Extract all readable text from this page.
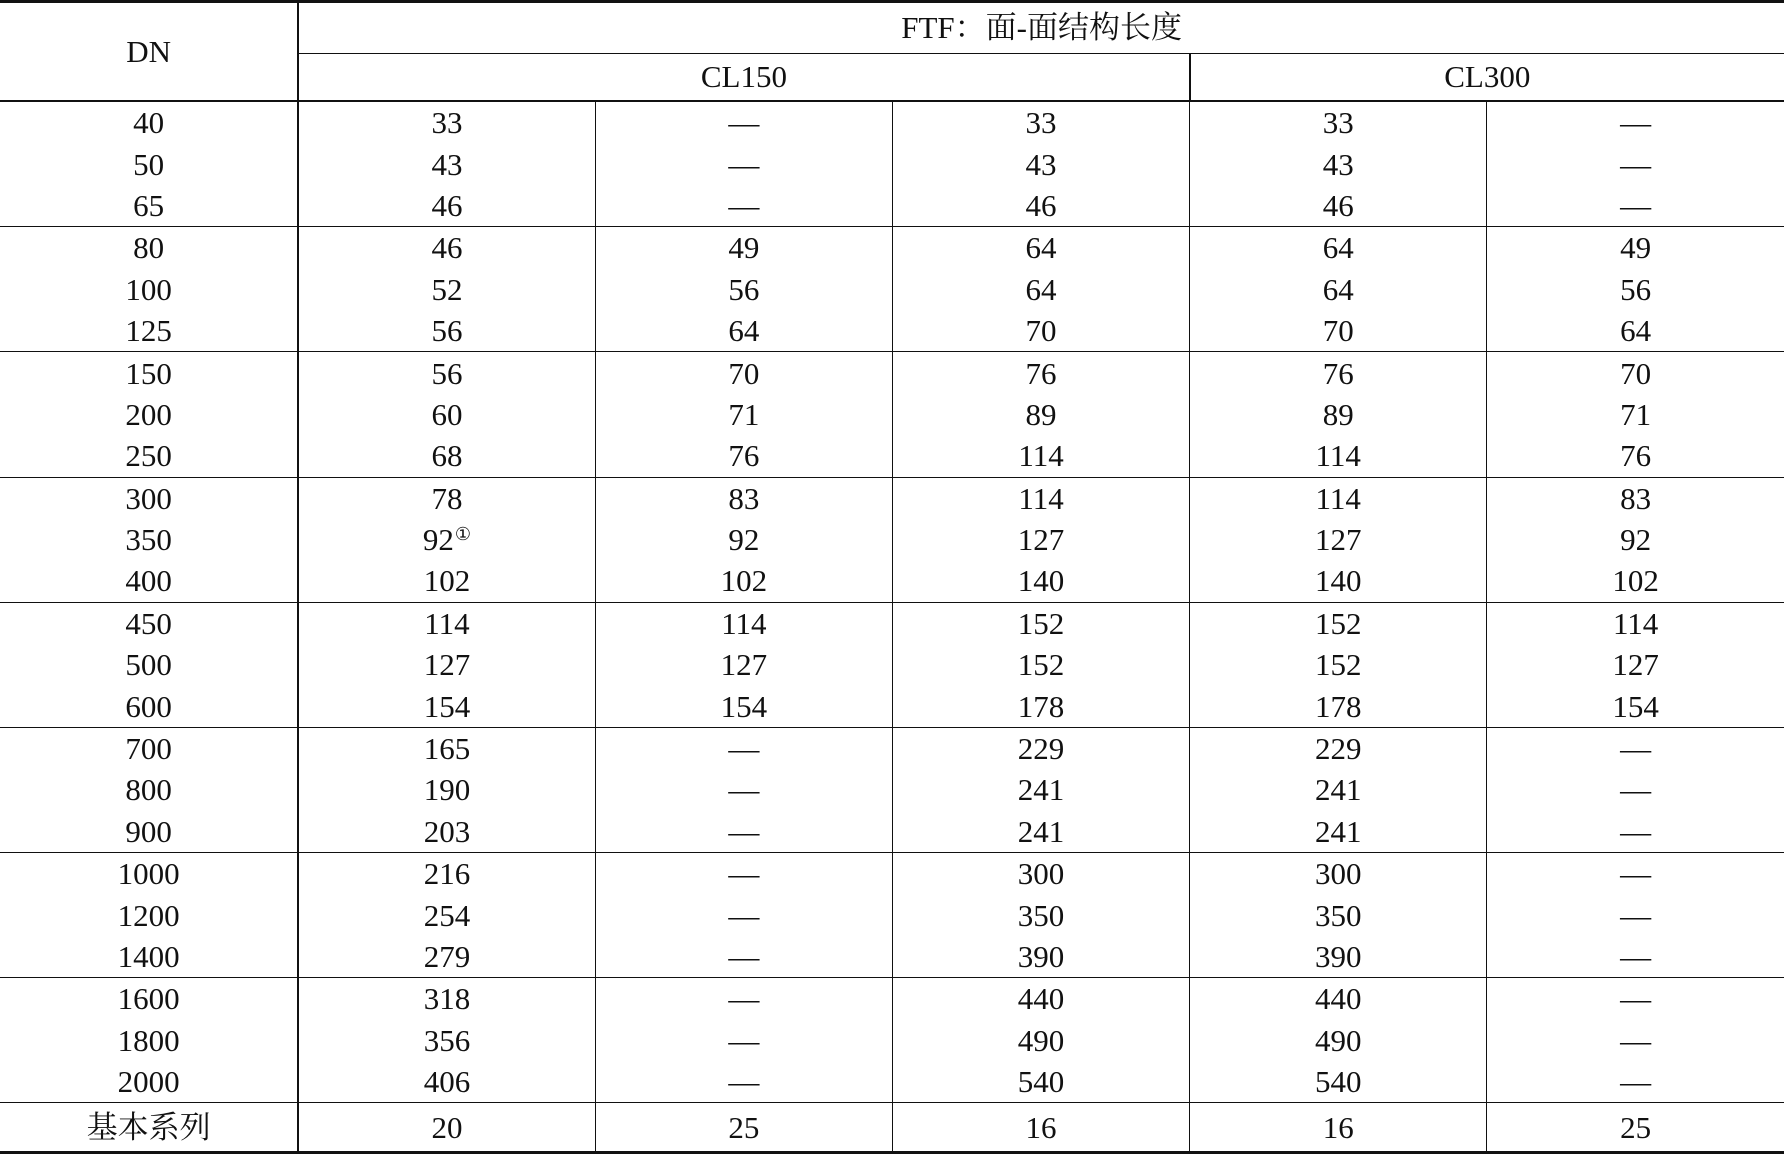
DN	FTF：面-面结构长度				
	CL150			CL300	
40	33	—	33	33	—
50	43	—	43	43	—
65	46	—	46	46	—
80	46	49	64	64	49
100	52	56	64	64	56
125	56	64	70	70	64
150	56	70	76	76	70
200	60	71	89	89	71
250	68	76	114	114	76
300	78	83	114	114	83
350	92①	92	127	127	92
400	102	102	140	140	102
450	114	114	152	152	114
500	127	127	152	152	127
600	154	154	178	178	154
700	165	—	229	229	—
800	190	—	241	241	—
900	203	—	241	241	—
1000	216	—	300	300	—
1200	254	—	350	350	—
1400	279	—	390	390	—
1600	318	—	440	440	—
1800	356	—	490	490	—
2000	406	—	540	540	—
基本系列	20	25	16	16	25
